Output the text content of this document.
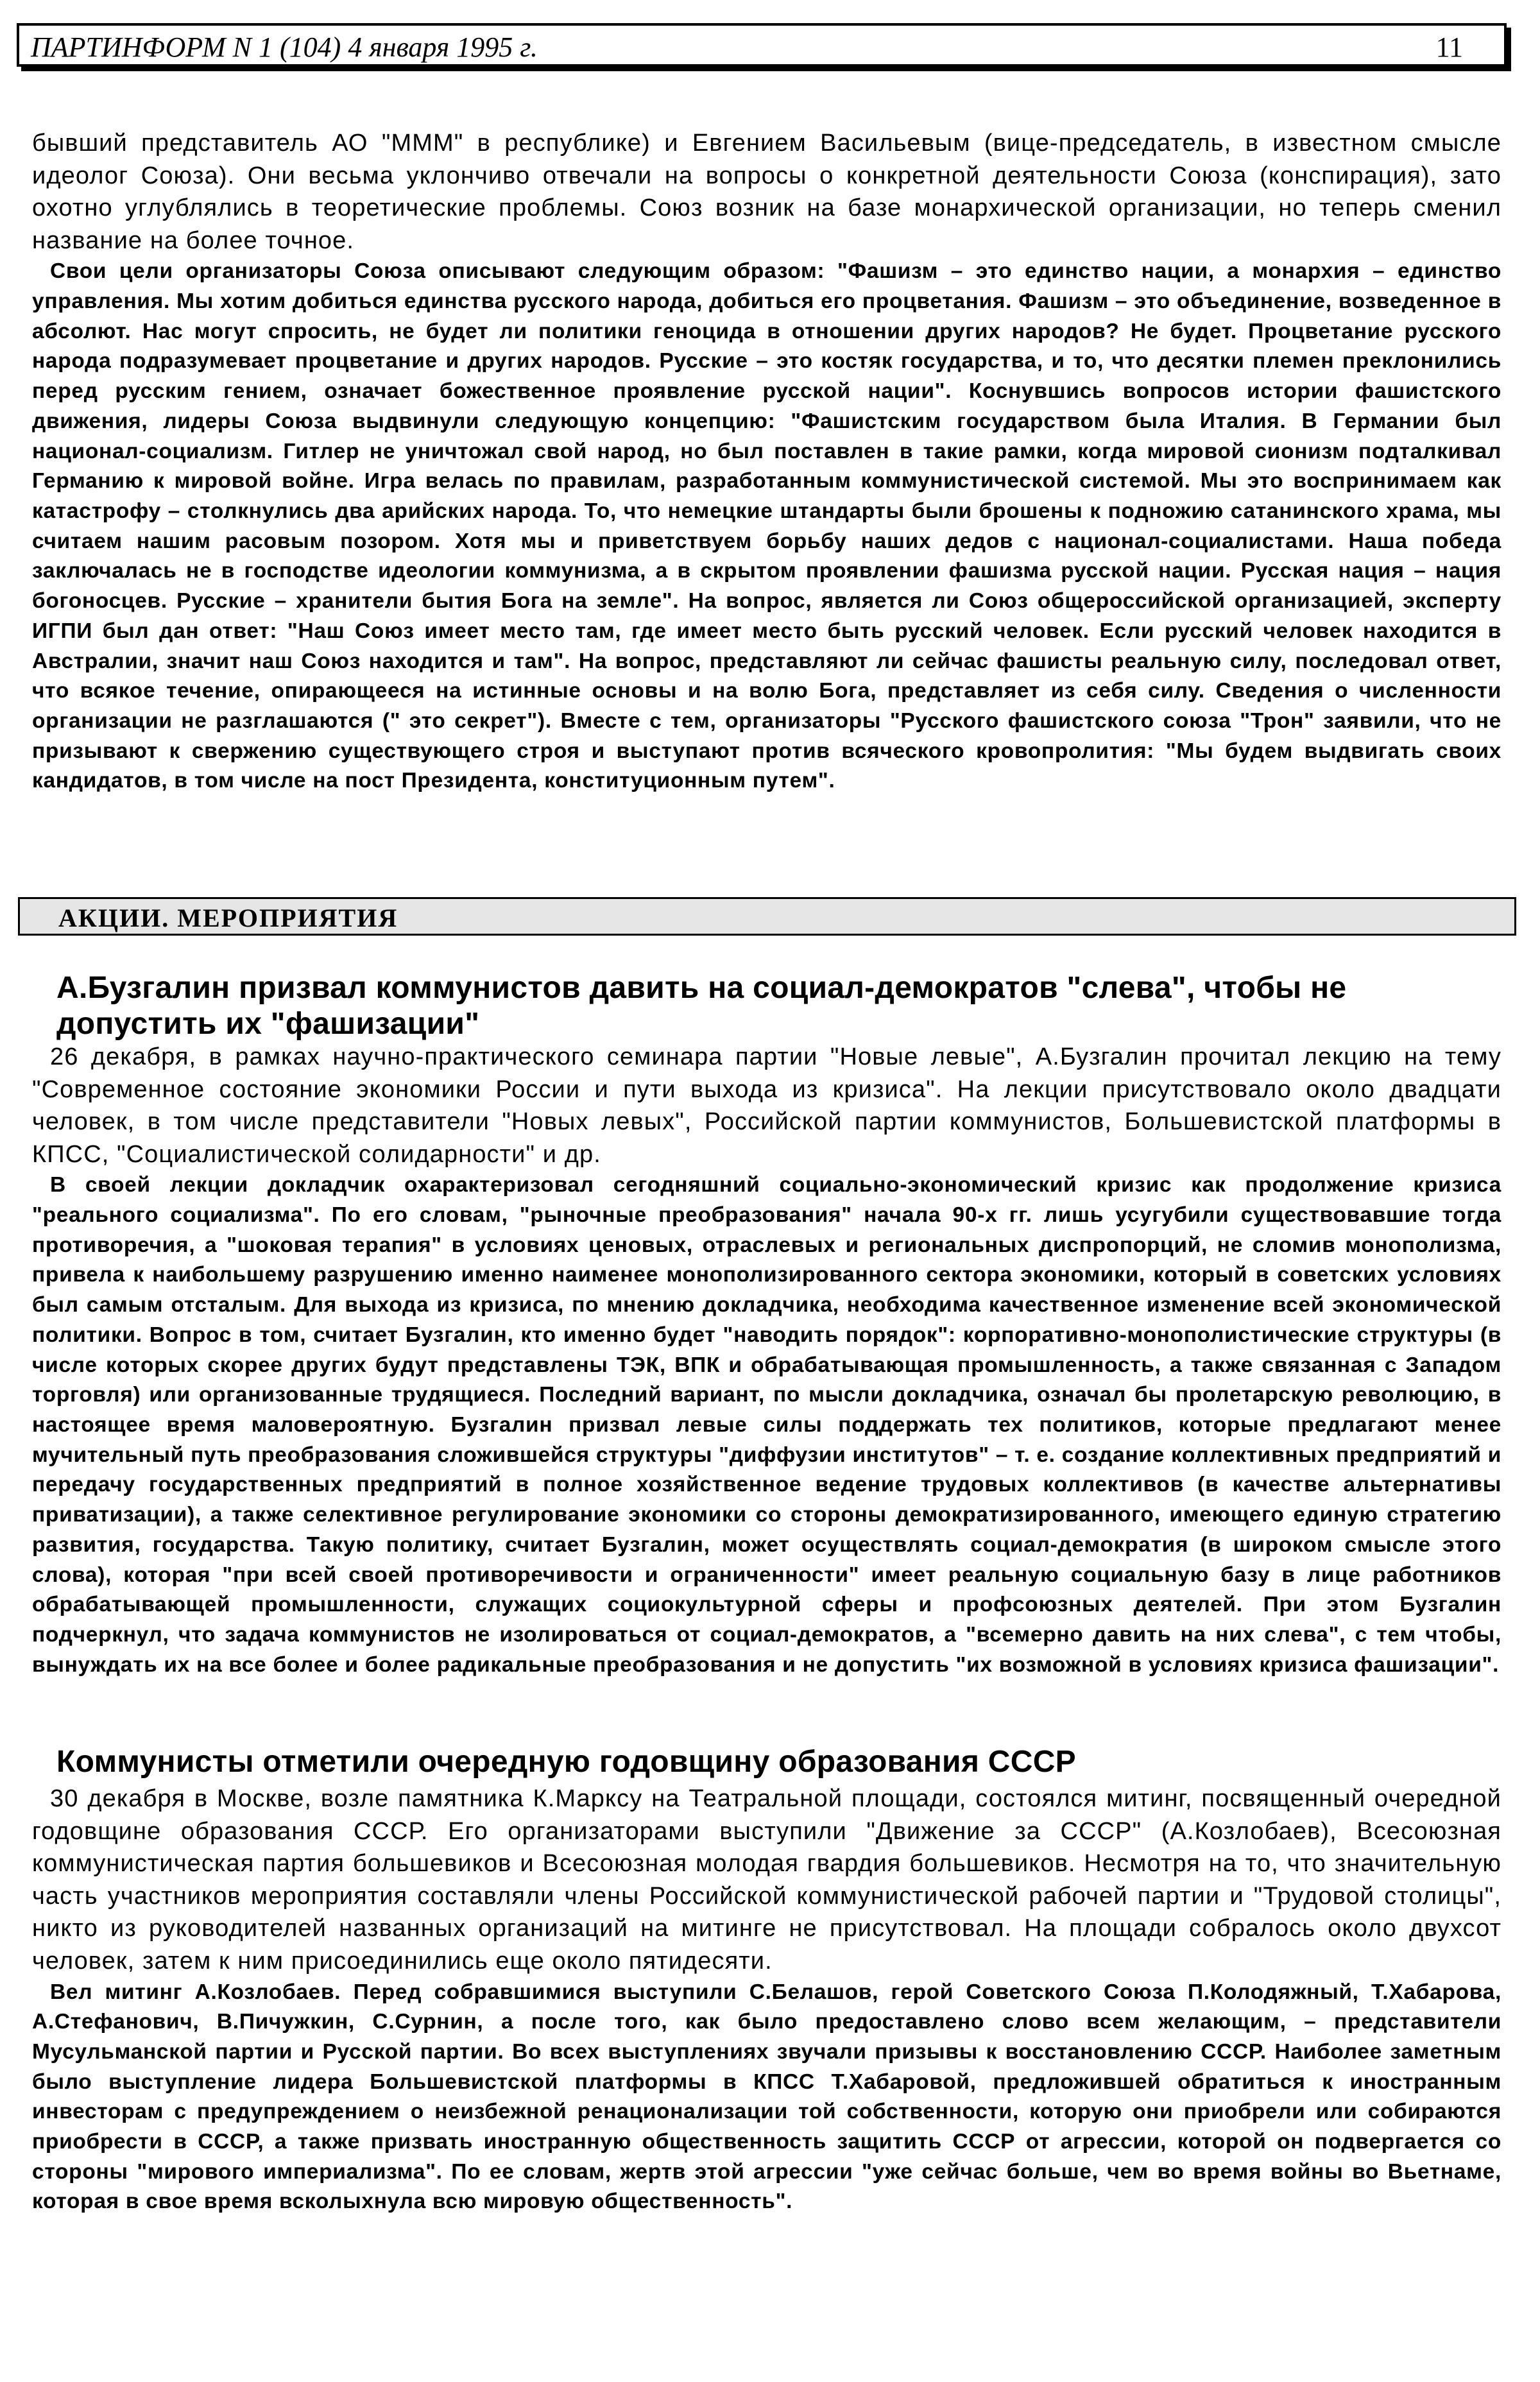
ПАРТИНФОРМ N 1 (104) 4 января 1995 г.	11

бывший представитель АО "МММ" в республике) и Евгением Васильевым (вице-председатель, в известном смысле идеолог Союза). Они весьма уклончиво отвечали на вопросы о конкретной деятельности Союза (конспирация), зато охотно углублялись в теоретические проблемы. Союз возник на базе монархической организации, но теперь сменил название на более точное.

Свои цели организаторы Союза описывают следующим образом: "Фашизм – это единство нации, а монархия – единство управления. Мы хотим добиться единства русского народа, добиться его процветания. Фашизм – это объединение, возведенное в абсолют. Нас могут спросить, не будет ли политики геноцида в отношении других народов? Не будет. Процветание русского народа подразумевает процветание и других народов. Русские – это костяк государства, и то, что десятки племен преклонились перед русским гением, означает божественное проявление русской нации". Коснувшись вопросов истории фашистского движения, лидеры Союза выдвинули следующую концепцию: "Фашистским государством была Италия. В Германии был национал-социализм. Гитлер не уничтожал свой народ, но был поставлен в такие рамки, когда мировой сионизм подталкивал Германию к мировой войне. Игра велась по правилам, разработанным коммунистической системой. Мы это воспринимаем как катастрофу – столкнулись два арийских народа. То, что немецкие штандарты были брошены к подножию сатанинского храма, мы считаем нашим расовым позором. Хотя мы и приветствуем борьбу наших дедов с национал-социалистами. Наша победа заключалась не в господстве идеологии коммунизма, а в скрытом проявлении фашизма русской нации. Русская нация – нация богоносцев. Русские – хранители бытия Бога на земле". На вопрос, является ли Союз общероссийской организацией, эксперту ИГПИ был дан ответ: "Наш Союз имеет место там, где имеет место быть русский человек. Если русский человек находится в Австралии, значит наш Союз находится и там". На вопрос, представляют ли сейчас фашисты реальную силу, последовал ответ, что всякое течение, опирающееся на истинные основы и на волю Бога, представляет из себя силу. Сведения о численности организации не разглашаются (" это секрет"). Вместе с тем, организаторы "Русского фашистского союза "Трон" заявили, что не призывают к свержению существующего строя и выступают против всяческого кровопролития: "Мы будем выдвигать своих кандидатов, в том числе на пост Президента, конституционным путем".

АКЦИИ. МЕРОПРИЯТИЯ
А.Бузгалин призвал коммунистов давить на социал-демократов "слева", чтобы не допустить их "фашизации"

26 декабря, в рамках научно-практического семинара партии "Новые левые", А.Бузгалин прочитал лекцию на тему "Современное состояние экономики России и пути выхода из кризиса". На лекции присутствовало около двадцати человек, в том числе представители "Новых левых", Российской партии коммунистов, Большевистской платформы в КПСС, "Социалистической солидарности" и др.

В своей лекции докладчик охарактеризовал сегодняшний социально-экономический кризис как продолжение кризиса "реального социализма". По его словам, "рыночные преобразования" начала 90-х гг. лишь усугубили существовавшие тогда противоречия, а "шоковая терапия" в условиях ценовых, отраслевых и региональных диспропорций, не сломив монополизма, привела к наибольшему разрушению именно наименее монополизированного сектора экономики, который в советских условиях был самым отсталым. Для выхода из кризиса, по мнению докладчика, необходима качественное изменение всей экономической политики. Вопрос в том, считает Бузгалин, кто именно будет "наводить порядок": корпоративно-монополистические структуры (в числе которых скорее других будут представлены ТЭК, ВПК и обрабатывающая промышленность, а также связанная с Западом торговля) или организованные трудящиеся. Последний вариант, по мысли докладчика, означал бы пролетарскую революцию, в настоящее время маловероятную. Бузгалин призвал левые силы поддержать тех политиков, которые предлагают менее мучительный путь преобразования сложившейся структуры "диффузии институтов" – т. е. создание коллективных предприятий и передачу государственных предприятий в полное хозяйственное ведение трудовых коллективов (в качестве альтернативы приватизации), а также селективное регулирование экономики со стороны демократизированного, имеющего единую стратегию развития, государства. Такую политику, считает Бузгалин, может осуществлять социал-демократия (в широком смысле этого слова), которая "при всей своей противоречивости и ограниченности" имеет реальную социальную базу в лице работников обрабатывающей промышленности, служащих социокультурной сферы и профсоюзных деятелей. При этом Бузгалин подчеркнул, что задача коммунистов не изолироваться от социал-демократов, а "всемерно давить на них слева", с тем чтобы, вынуждать их на все более и более радикальные преобразования и не допустить "их возможной в условиях кризиса фашизации".

Коммунисты отметили очередную годовщину образования СССР

30 декабря в Москве, возле памятника К.Марксу на Театральной площади, состоялся митинг, посвященный очередной годовщине образования СССР. Его организаторами выступили "Движение за СССР" (А.Козлобаев), Всесоюзная коммунистическая партия большевиков и Всесоюзная молодая гвардия большевиков. Несмотря на то, что значительную часть участников мероприятия составляли члены Российской коммунистической рабочей партии и "Трудовой столицы", никто из руководителей названных организаций на митинге не присутствовал. На площади собралось около двухсот человек, затем к ним присоединились еще около пятидесяти.

Вел митинг А.Козлобаев. Перед собравшимися выступили С.Белашов, герой Советского Союза П.Колодяжный, Т.Хабарова, А.Стефанович, В.Пичужкин, С.Сурнин, а после того, как было предоставлено слово всем желающим, – представители Мусульманской партии и Русской партии. Во всех выступлениях звучали призывы к восстановлению СССР. Наиболее заметным было выступление лидера Большевистской платформы в КПСС Т.Хабаровой, предложившей обратиться к иностранным инвесторам с предупреждением о неизбежной ренационализации той собственности, которую они приобрели или собираются приобрести в СССР, а также призвать иностранную общественность защитить СССР от агрессии, которой он подвергается со стороны "мирового империализма". По ее словам, жертв этой агрессии "уже сейчас больше, чем во время войны во Вьетнаме, которая в свое время всколыхнула всю мировую общественность".
